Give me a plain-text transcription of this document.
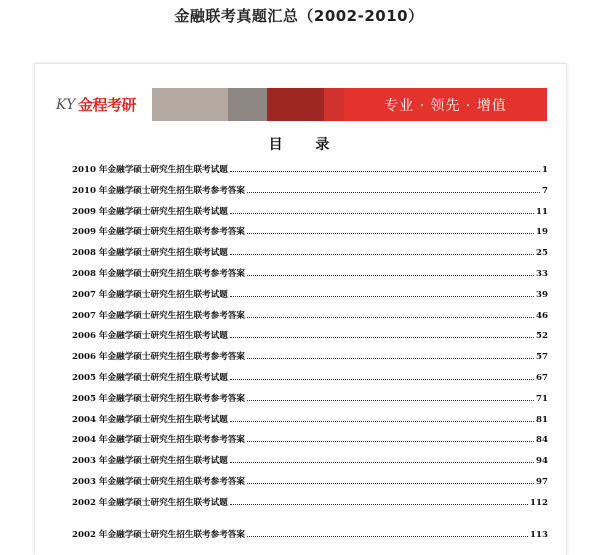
金融联考真题汇总（2002-2010）
KY 金程考研	专业 · 领先 · 增值
目 录
2010 年金融学硕士研究生招生联考试题	1
2010 年金融学硕士研究生招生联考参考答案	7
2009 年金融学硕士研究生招生联考试题	11
2009 年金融学硕士研究生招生联考参考答案	19
2008 年金融学硕士研究生招生联考试题	25
2008 年金融学硕士研究生招生联考参考答案	33
2007 年金融学硕士研究生招生联考试题	39
2007 年金融学硕士研究生招生联考参考答案	46
2006 年金融学硕士研究生招生联考试题	52
2006 年金融学硕士研究生招生联考参考答案	57
2005 年金融学硕士研究生招生联考试题	67
2005 年金融学硕士研究生招生联考参考答案	71
2004 年金融学硕士研究生招生联考试题	81
2004 年金融学硕士研究生招生联考参考答案	84
2003 年金融学硕士研究生招生联考试题	94
2003 年金融学硕士研究生招生联考参考答案	97
2002 年金融学硕士研究生招生联考试题	112
2002 年金融学硕士研究生招生联考参考答案	113
